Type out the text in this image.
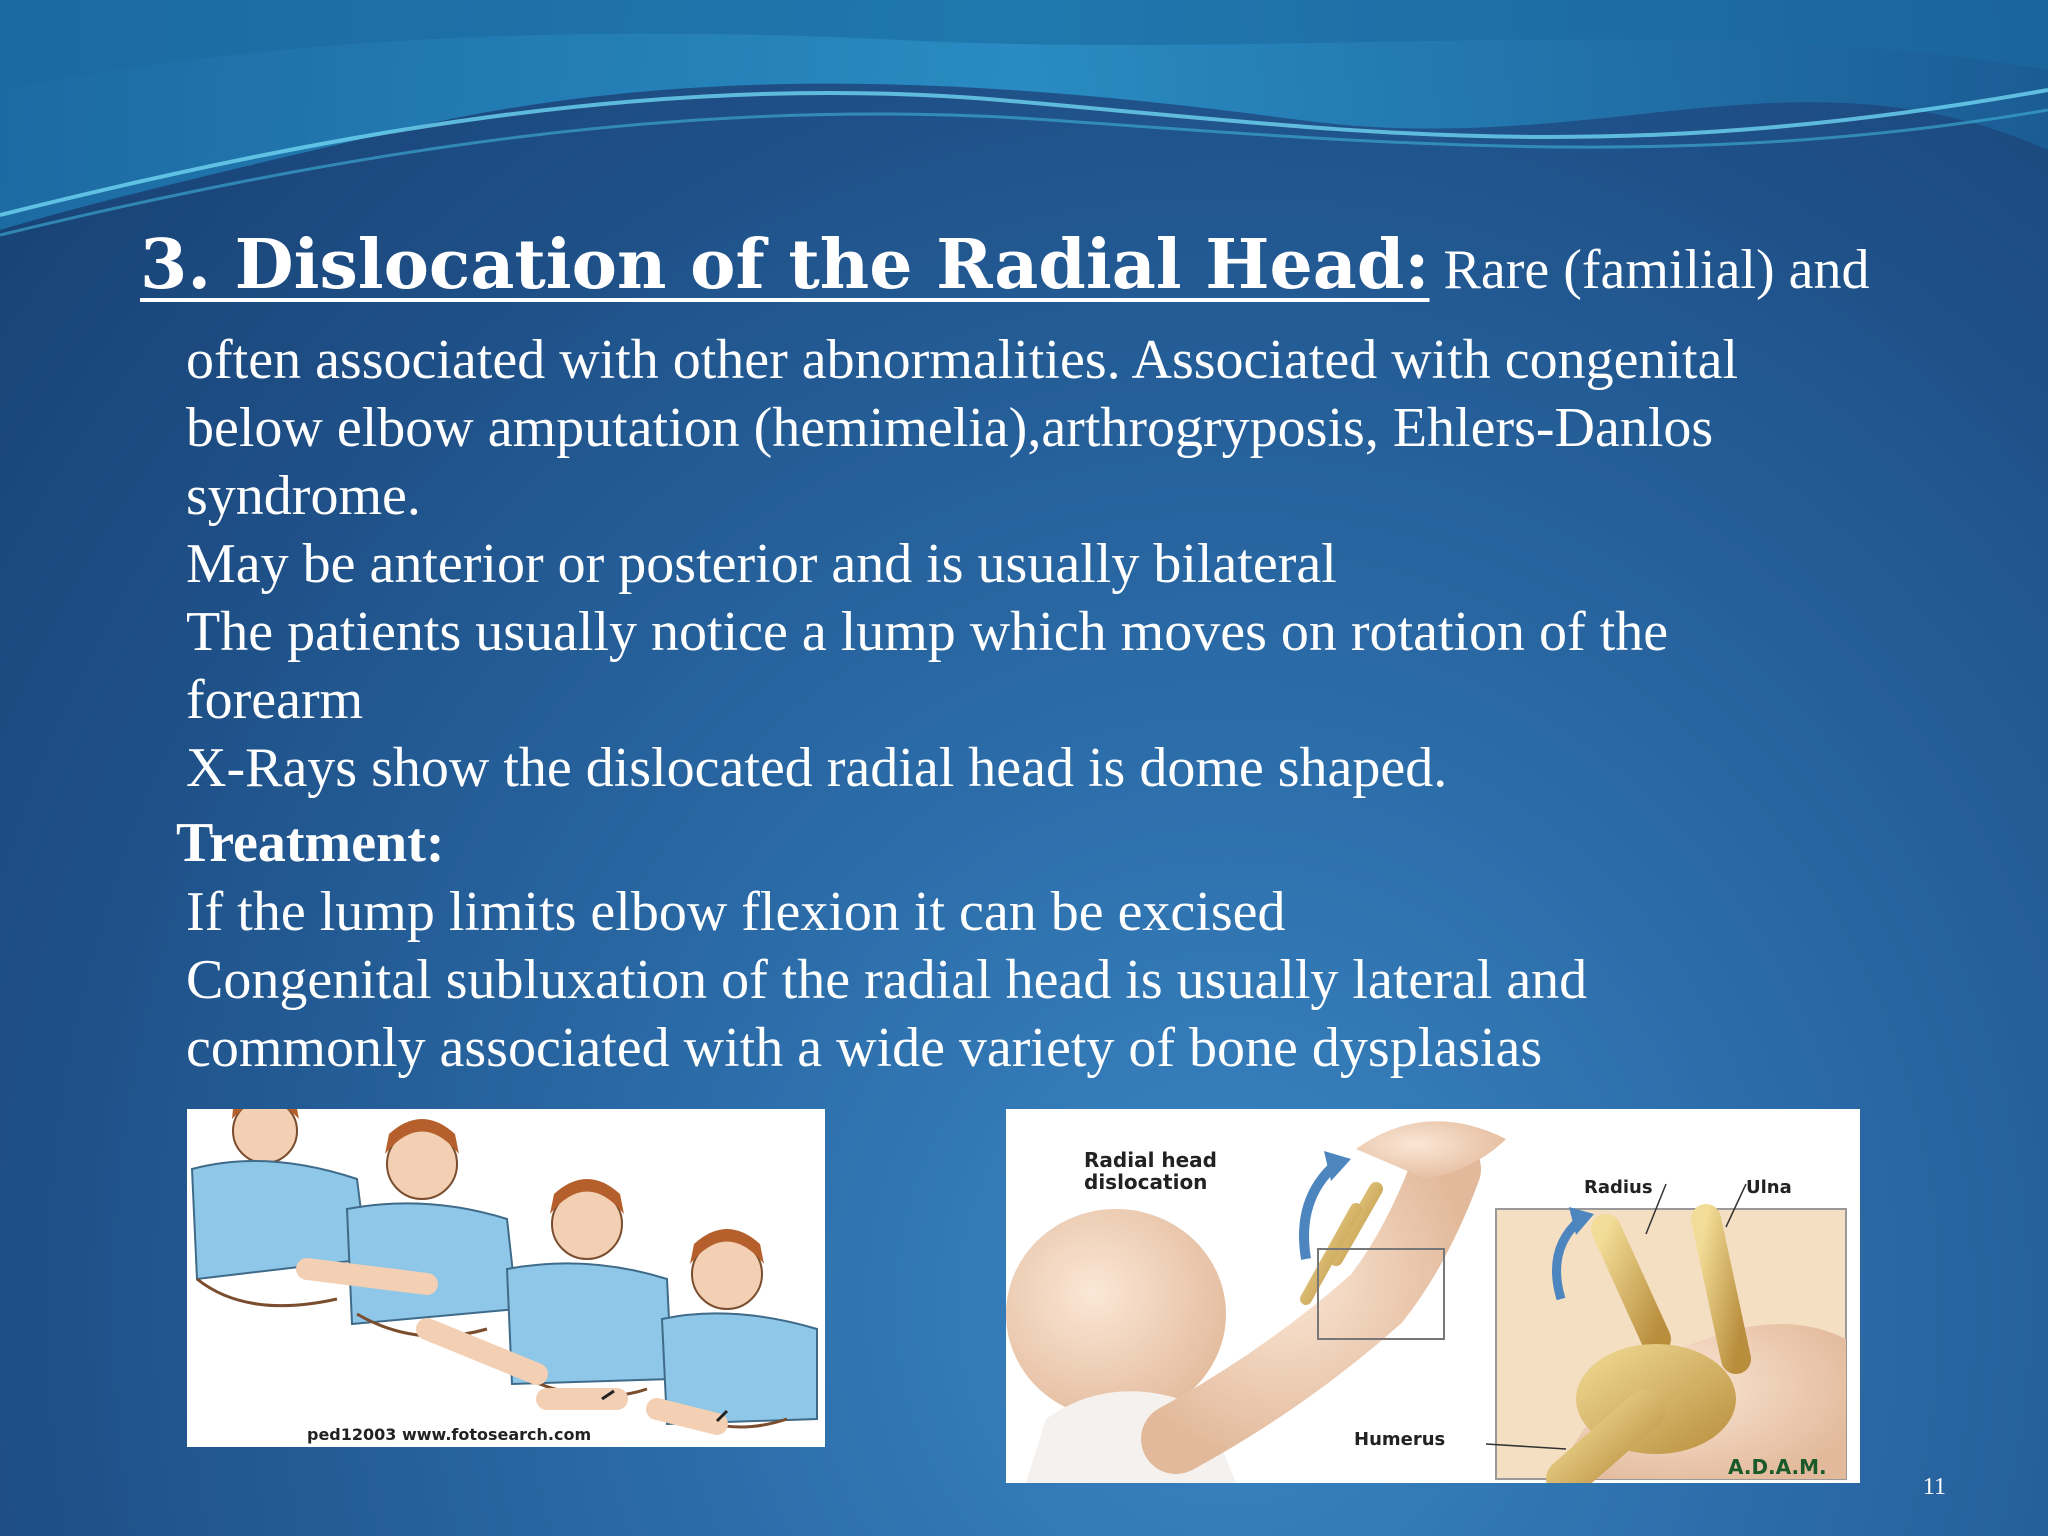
3. Dislocation of the Radial Head: Rare (familial) and

often associated with other abnormalities. Associated with congenital
below elbow amputation (hemimelia),arthrogryposis, Ehlers-Danlos
syndrome.
May be anterior or posterior and is usually bilateral
The patients usually notice a lump which moves on rotation of the
forearm
X-Rays show the dislocated radial head is dome shaped.

Treatment:

If the lump limits elbow flexion it can be excised
Congenital subluxation of the radial head is usually lateral and
commonly associated with a wide variety of bone dysplasias
ped12003 www.fotosearch.com
Radial head
dislocation	Radius	Ulna
Humerus
A.D.A.M.
11
